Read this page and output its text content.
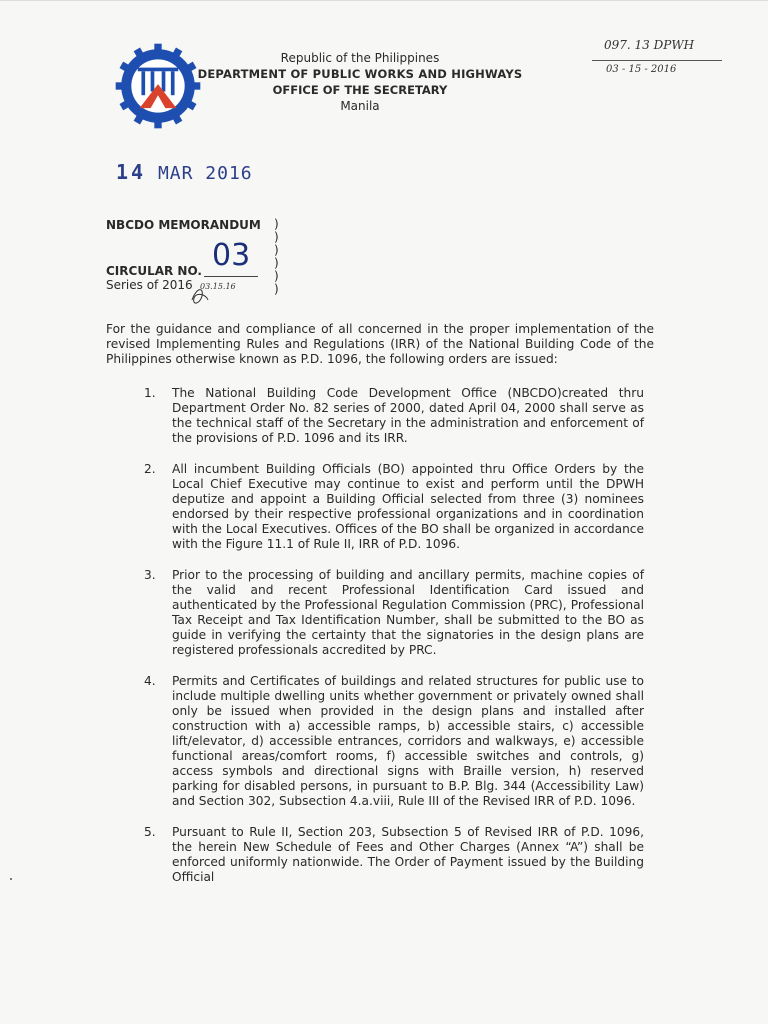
Republic of the Philippines
DEPARTMENT OF PUBLIC WORKS AND HIGHWAYS
OFFICE OF THE SECRETARY
Manila
097. 13 DPWH
03 - 15 - 2016
14 MAR 2016
NBCDO MEMORANDUM
CIRCULAR NO. 03
Series of 2016 03.15.16
)
)
)
)
)
)
For the guidance and compliance of all concerned in the proper implementation of the revised Implementing Rules and Regulations (IRR) of the National Building Code of the Philippines otherwise known as P.D. 1096, the following orders are issued:
1. The National Building Code Development Office (NBCDO)created thru Department Order No. 82 series of 2000, dated April 04, 2000 shall serve as the technical staff of the Secretary in the administration and enforcement of the provisions of P.D. 1096 and its IRR.
2. All incumbent Building Officials (BO) appointed thru Office Orders by the Local Chief Executive may continue to exist and perform until the DPWH deputize and appoint a Building Official selected from three (3) nominees endorsed by their respective professional organizations and in coordination with the Local Executives. Offices of the BO shall be organized in accordance with the Figure 11.1 of Rule II, IRR of P.D. 1096.
3. Prior to the processing of building and ancillary permits, machine copies of the valid and recent Professional Identification Card issued and authenticated by the Professional Regulation Commission (PRC), Professional Tax Receipt and Tax Identification Number, shall be submitted to the BO as guide in verifying the certainty that the signatories in the design plans are registered professionals accredited by PRC.
4. Permits and Certificates of buildings and related structures for public use to include multiple dwelling units whether government or privately owned shall only be issued when provided in the design plans and installed after construction with a) accessible ramps, b) accessible stairs, c) accessible lift/elevator, d) accessible entrances, corridors and walkways, e) accessible functional areas/comfort rooms, f) accessible switches and controls, g) access symbols and directional signs with Braille version, h) reserved parking for disabled persons, in pursuant to B.P. Blg. 344 (Accessibility Law) and Section 302, Subsection 4.a.viii, Rule III of the Revised IRR of P.D. 1096.
5. Pursuant to Rule II, Section 203, Subsection 5 of Revised IRR of P.D. 1096, the herein New Schedule of Fees and Other Charges (Annex “A”) shall be enforced uniformly nationwide. The Order of Payment issued by the Building Official
